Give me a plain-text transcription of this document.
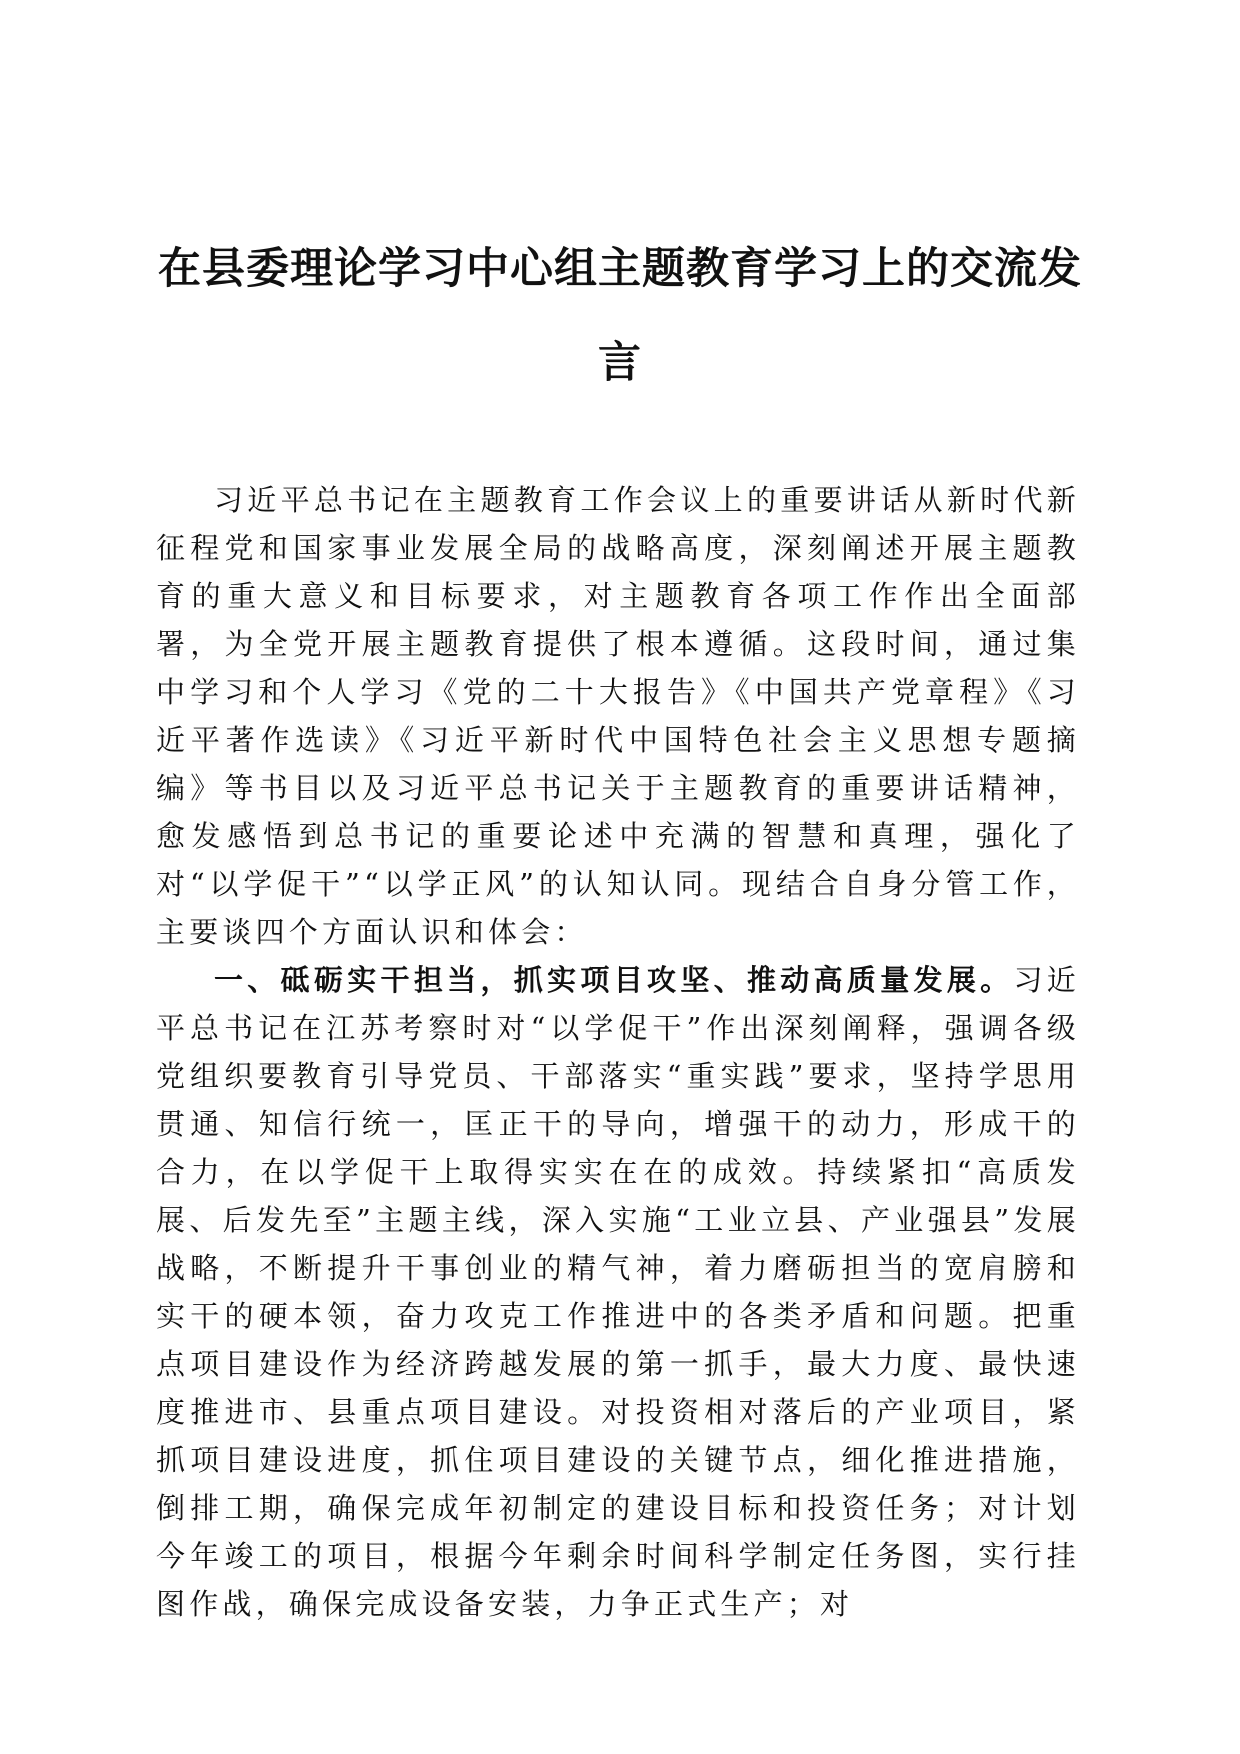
在县委理论学习中心组主题教育学习上的交流发言

习近平总书记在主题教育工作会议上的重要讲话从新时代新征程党和国家事业发展全局的战略高度，深刻阐述开展主题教育的重大意义和目标要求，对主题教育各项工作作出全面部署，为全党开展主题教育提供了根本遵循。这段时间，通过集中学习和个人学习《党的二十大报告》《中国共产党章程》《习近平著作选读》《习近平新时代中国特色社会主义思想专题摘编》等书目以及习近平总书记关于主题教育的重要讲话精神，愈发感悟到总书记的重要论述中充满的智慧和真理，强化了对“以学促干”“以学正风”的认知认同。现结合自身分管工作，主要谈四个方面认识和体会：

一、砥砺实干担当，抓实项目攻坚、推动高质量发展。习近平总书记在江苏考察时对“以学促干”作出深刻阐释，强调各级党组织要教育引导党员、干部落实“重实践”要求，坚持学思用贯通、知信行统一，匡正干的导向，增强干的动力，形成干的合力，在以学促干上取得实实在在的成效。持续紧扣“高质发展、后发先至”主题主线，深入实施“工业立县、产业强县”发展战略，不断提升干事创业的精气神，着力磨砺担当的宽肩膀和实干的硬本领，奋力攻克工作推进中的各类矛盾和问题。把重点项目建设作为经济跨越发展的第一抓手，最大力度、最快速度推进市、县重点项目建设。对投资相对落后的产业项目，紧抓项目建设进度，抓住项目建设的关键节点，细化推进措施，倒排工期，确保完成年初制定的建设目标和投资任务；对计划今年竣工的项目，根据今年剩余时间科学制定任务图，实行挂图作战，确保完成设备安装，力争正式生产；对
